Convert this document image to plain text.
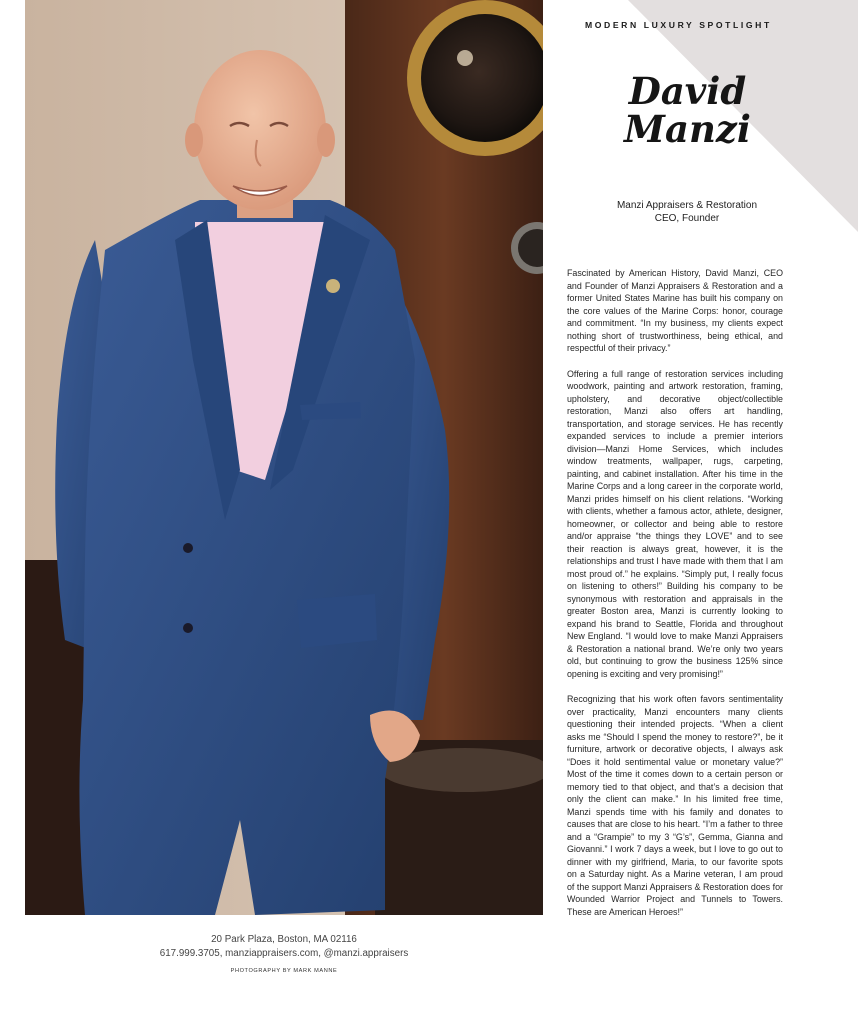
MODERN LUXURY SPOTLIGHT
David
Manzi
Manzi Appraisers & Restoration
CEO, Founder

Fascinated by American History, David Manzi, CEO and Founder of Manzi Appraisers & Restoration and a former United States Marine has built his company on the core values of the Marine Corps: honor, courage and commitment. “In my business, my clients expect nothing short of trustworthiness, being ethical, and respectful of their privacy.”

Offering a full range of restoration services including woodwork, painting and artwork restoration, framing, upholstery, and decorative object/collectible restoration, Manzi also offers art handling, transportation, and storage services. He has recently expanded services to include a premier interiors division—Manzi Home Services, which includes window treatments, wallpaper, rugs, carpeting, painting, and cabinet installation. After his time in the Marine Corps and a long career in the corporate world, Manzi prides himself on his client relations. “Working with clients, whether a famous actor, athlete, designer, homeowner, or collector and being able to restore and/or appraise “the things they LOVE” and to see their reaction is always great, however, it is the relationships and trust I have made with them that I am most proud of.” he explains. “Simply put, I really focus on listening to others!” Building his company to be synonymous with restoration and appraisals in the greater Boston area, Manzi is currently looking to expand his brand to Seattle, Florida and throughout New England. “I would love to make Manzi Appraisers & Restoration a national brand. We’re only two years old, but continuing to grow the business 125% since opening is exciting and very promising!”

Recognizing that his work often favors sentimentality over practicality, Manzi encounters many clients questioning their intended projects. “When a client asks me “Should I spend the money to restore?”, be it furniture, artwork or decorative objects, I always ask “Does it hold sentimental value or monetary value?” Most of the time it comes down to a certain person or memory tied to that object, and that’s a decision that only the client can make.” In his limited free time, Manzi spends time with his family and donates to causes that are close to his heart. “I’m a father to three and a “Grampie” to my 3 “G’s”, Gemma, Gianna and Giovanni.” I work 7 days a week, but I love to go out to dinner with my girlfriend, Maria, to our favorite spots on a Saturday night. As a Marine veteran, I am proud of the support Manzi Appraisers & Restoration does for Wounded Warrior Project and Tunnels to Towers. These are American Heroes!”

20 Park Plaza, Boston, MA 02116
617.999.3705, manziappraisers.com, @manzi.appraisers
PHOTOGRAPHY BY MARK MANNE
